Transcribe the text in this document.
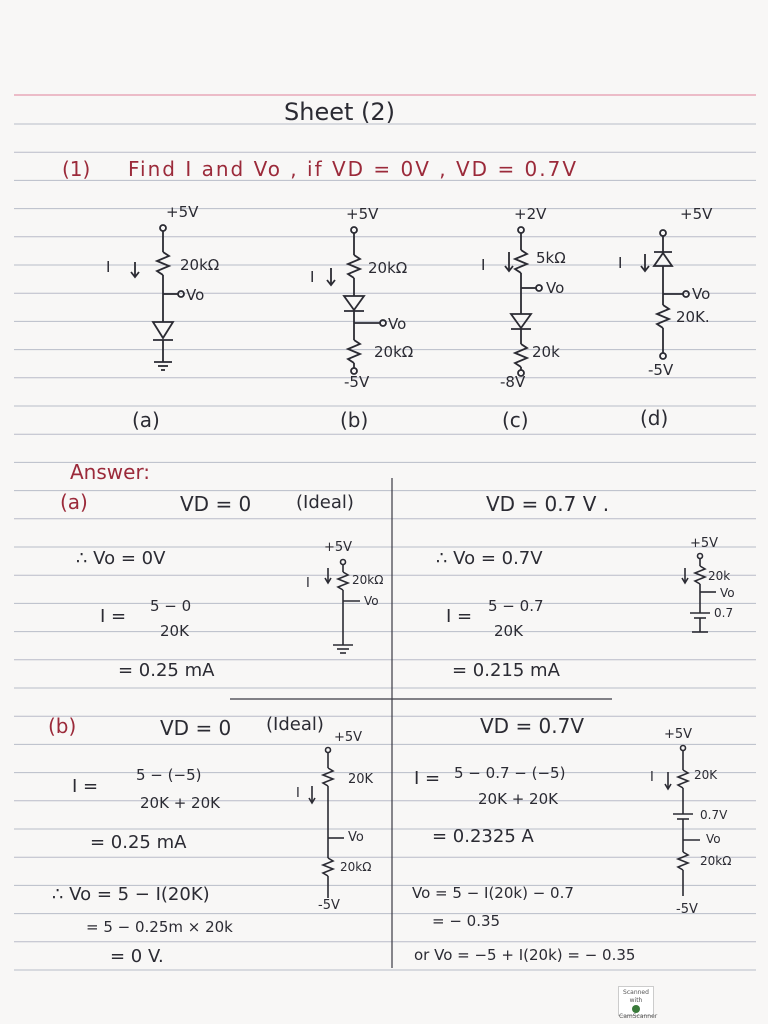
Sheet (2)
(1) Find I and Vo , if VD = 0V , VD = 0.7V
+5V
I	20kΩ
Vo
(a)
+5V
I	20kΩ
Vo
20kΩ
-5V
(b)
+2V
I	5kΩ
Vo
20k
-8V
(c)
+5V
I
Vo
20K.
-5V
(d)
Answer:
(a)	VD = 0 (Ideal)
∴ Vo = 0V
I = 5 − 0
20K
= 0.25 mA
VD = 0.7 V .
∴ Vo = 0.7V
I = 5 − 0.7
20K
= 0.215 mA
(b)	VD = 0 (Ideal)
I =
5 − (−5)
20K + 20K
= 0.25 mA
∴ Vo = 5 − I(20K)
= 5 − 0.25m × 20k
= 0 V.
VD = 0.7V
I = 5 − 0.7 − (−5)
20K + 20K
= 0.2325 A
Vo = 5 − I(20k) − 0.7
= − 0.35
or Vo = −5 + I(20k) = − 0.35
+5V
I	20kΩ
Vo
+5V
20k
Vo
0.7
+5V
I
20K
Vo
20kΩ
-5V
+5V
I	20K
0.7V
Vo
20kΩ
-5V
Scanned with
CamScanner
